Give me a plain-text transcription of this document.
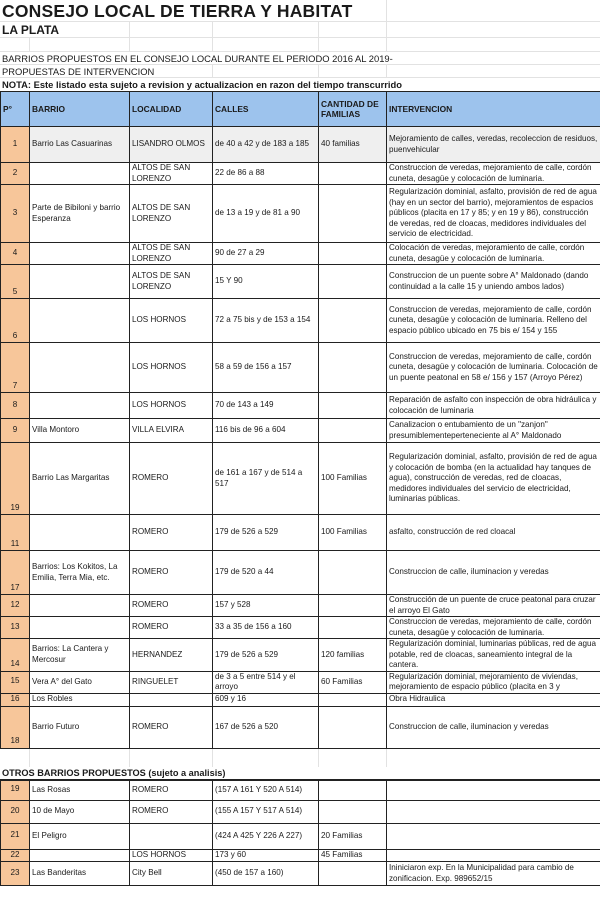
CONSEJO LOCAL DE TIERRA Y HABITAT
LA PLATA
BARRIOS PROPUESTOS EN EL CONSEJO LOCAL DURANTE EL PERIODO 2016 AL 2019-
PROPUESTAS DE INTERVENCION
NOTA: Este listado esta sujeto a revision y actualizacion en razon del tiempo transcurrido
P°	BARRIO	LOCALIDAD	CALLES	CANTIDAD DE FAMILIAS	INTERVENCION
1	Barrio Las Casuarinas	LISANDRO OLMOS	de 40 a 42 y de 183 a 185	40 familias	Mejoramiento de calles, veredas, recoleccion de residuos, puenvehicular
2		ALTOS DE SAN LORENZO	22 de 86 a 88		Construccion de veredas, mejoramiento de calle, cordón cuneta, desagüe y colocación de luminaria.
3	Parte de Bibiloni y barrio Esperanza	ALTOS DE SAN LORENZO	de 13 a 19 y de 81 a 90		Regularización dominial, asfalto, provisión de red de agua (hay en un sector del barrio), mejoramientos de espacios públicos (placita en 17 y 85; y en 19 y 86), construcción de veredas, red de cloacas, medidores individuales del servicio de electricidad.
4		ALTOS DE SAN LORENZO	90 de 27 a 29		Colocación de veredas, mejoramiento de calle, cordón cuneta, desagüe y colocación de luminaria.
5		ALTOS DE SAN LORENZO	15 Y 90		Construccion de un puente sobre A° Maldonado (dando continuidad a la calle 15 y uniendo ambos lados)
6		LOS HORNOS	72 a 75 bis y de 153 a 154		Construccion de veredas, mejoramiento de calle, cordón cuneta, desagüe y colocación de luminaria. Relleno del espacio público ubicado en 75 bis e/ 154 y 155
7		LOS HORNOS	58 a 59 de 156 a 157		Construccion de veredas, mejoramiento de calle, cordón cuneta, desagüe y colocación de luminaria. Colocación de un puente peatonal en 58 e/ 156 y 157 (Arroyo Pérez)
8		LOS HORNOS	70 de 143 a 149		Reparación de asfalto con inspección de obra hidráulica y colocación de luminaria
9	Villa Montoro	VILLA ELVIRA	116 bis de 96 a 604		Canalizacion o entubamiento de un "zanjon" presumiblementeperteneciente al A° Maldonado
19	Barrio Las Margaritas	ROMERO	de 161 a 167 y de 514 a 517	100 Familias	Regularización dominial, asfalto, provisión de red de agua y colocación de bomba (en la actualidad hay tanques de agua), construcción de veredas, red de cloacas, medidores individuales del servicio de electricidad, luminarias públicas.
11		ROMERO	179 de 526 a 529	100 Familias	asfalto, construcción de red cloacal
17	Barrios: Los Kokitos, La Emilia, Terra Mia, etc.	ROMERO	179 de 520 a 44		Construccion de calle, iluminacion y veredas
12		ROMERO	157 y 528		Construcción de un puente de cruce peatonal para cruzar el arroyo El Gato
13		ROMERO	33 a 35 de 156 a 160		Construccion de veredas, mejoramiento de calle, cordón cuneta, desagüe y colocación de luminaria.
14	Barrios: La Cantera y Mercosur	HERNANDEZ	179 de 526 a 529	120 familias	Regularización dominial, luminarias públicas, red de agua potable, red de cloacas, saneamiento integral de la cantera.
15	Vera A° del Gato	RINGUELET	de 3 a 5 entre 514 y el arroyo	60 Familias	Regularización dominial, mejoramiento de viviendas, mejoramiento de espacio público (placita en 3 y
16	Los Robles		609 y 16		Obra Hidraulica
18	Barrio Futuro	ROMERO	167 de 526 a 520		Construccion de calle, iluminacion y veredas
OTROS BARRIOS PROPUESTOS (sujeto a analisis)
19	Las Rosas	ROMERO	(157 A 161 Y 520 A 514)		
20	10 de Mayo	ROMERO	(155 A 157 Y 517 A 514)		
21	El Peligro		(424 A 425 Y 226 A 227)	20 Familias	
22		LOS HORNOS	173 y 60	45 Familias	
23	Las Banderitas	City Bell	(450 de 157 a 160)		Ininiciaron exp. En la Municipalidad para cambio de zonificacion. Exp. 989652/15
